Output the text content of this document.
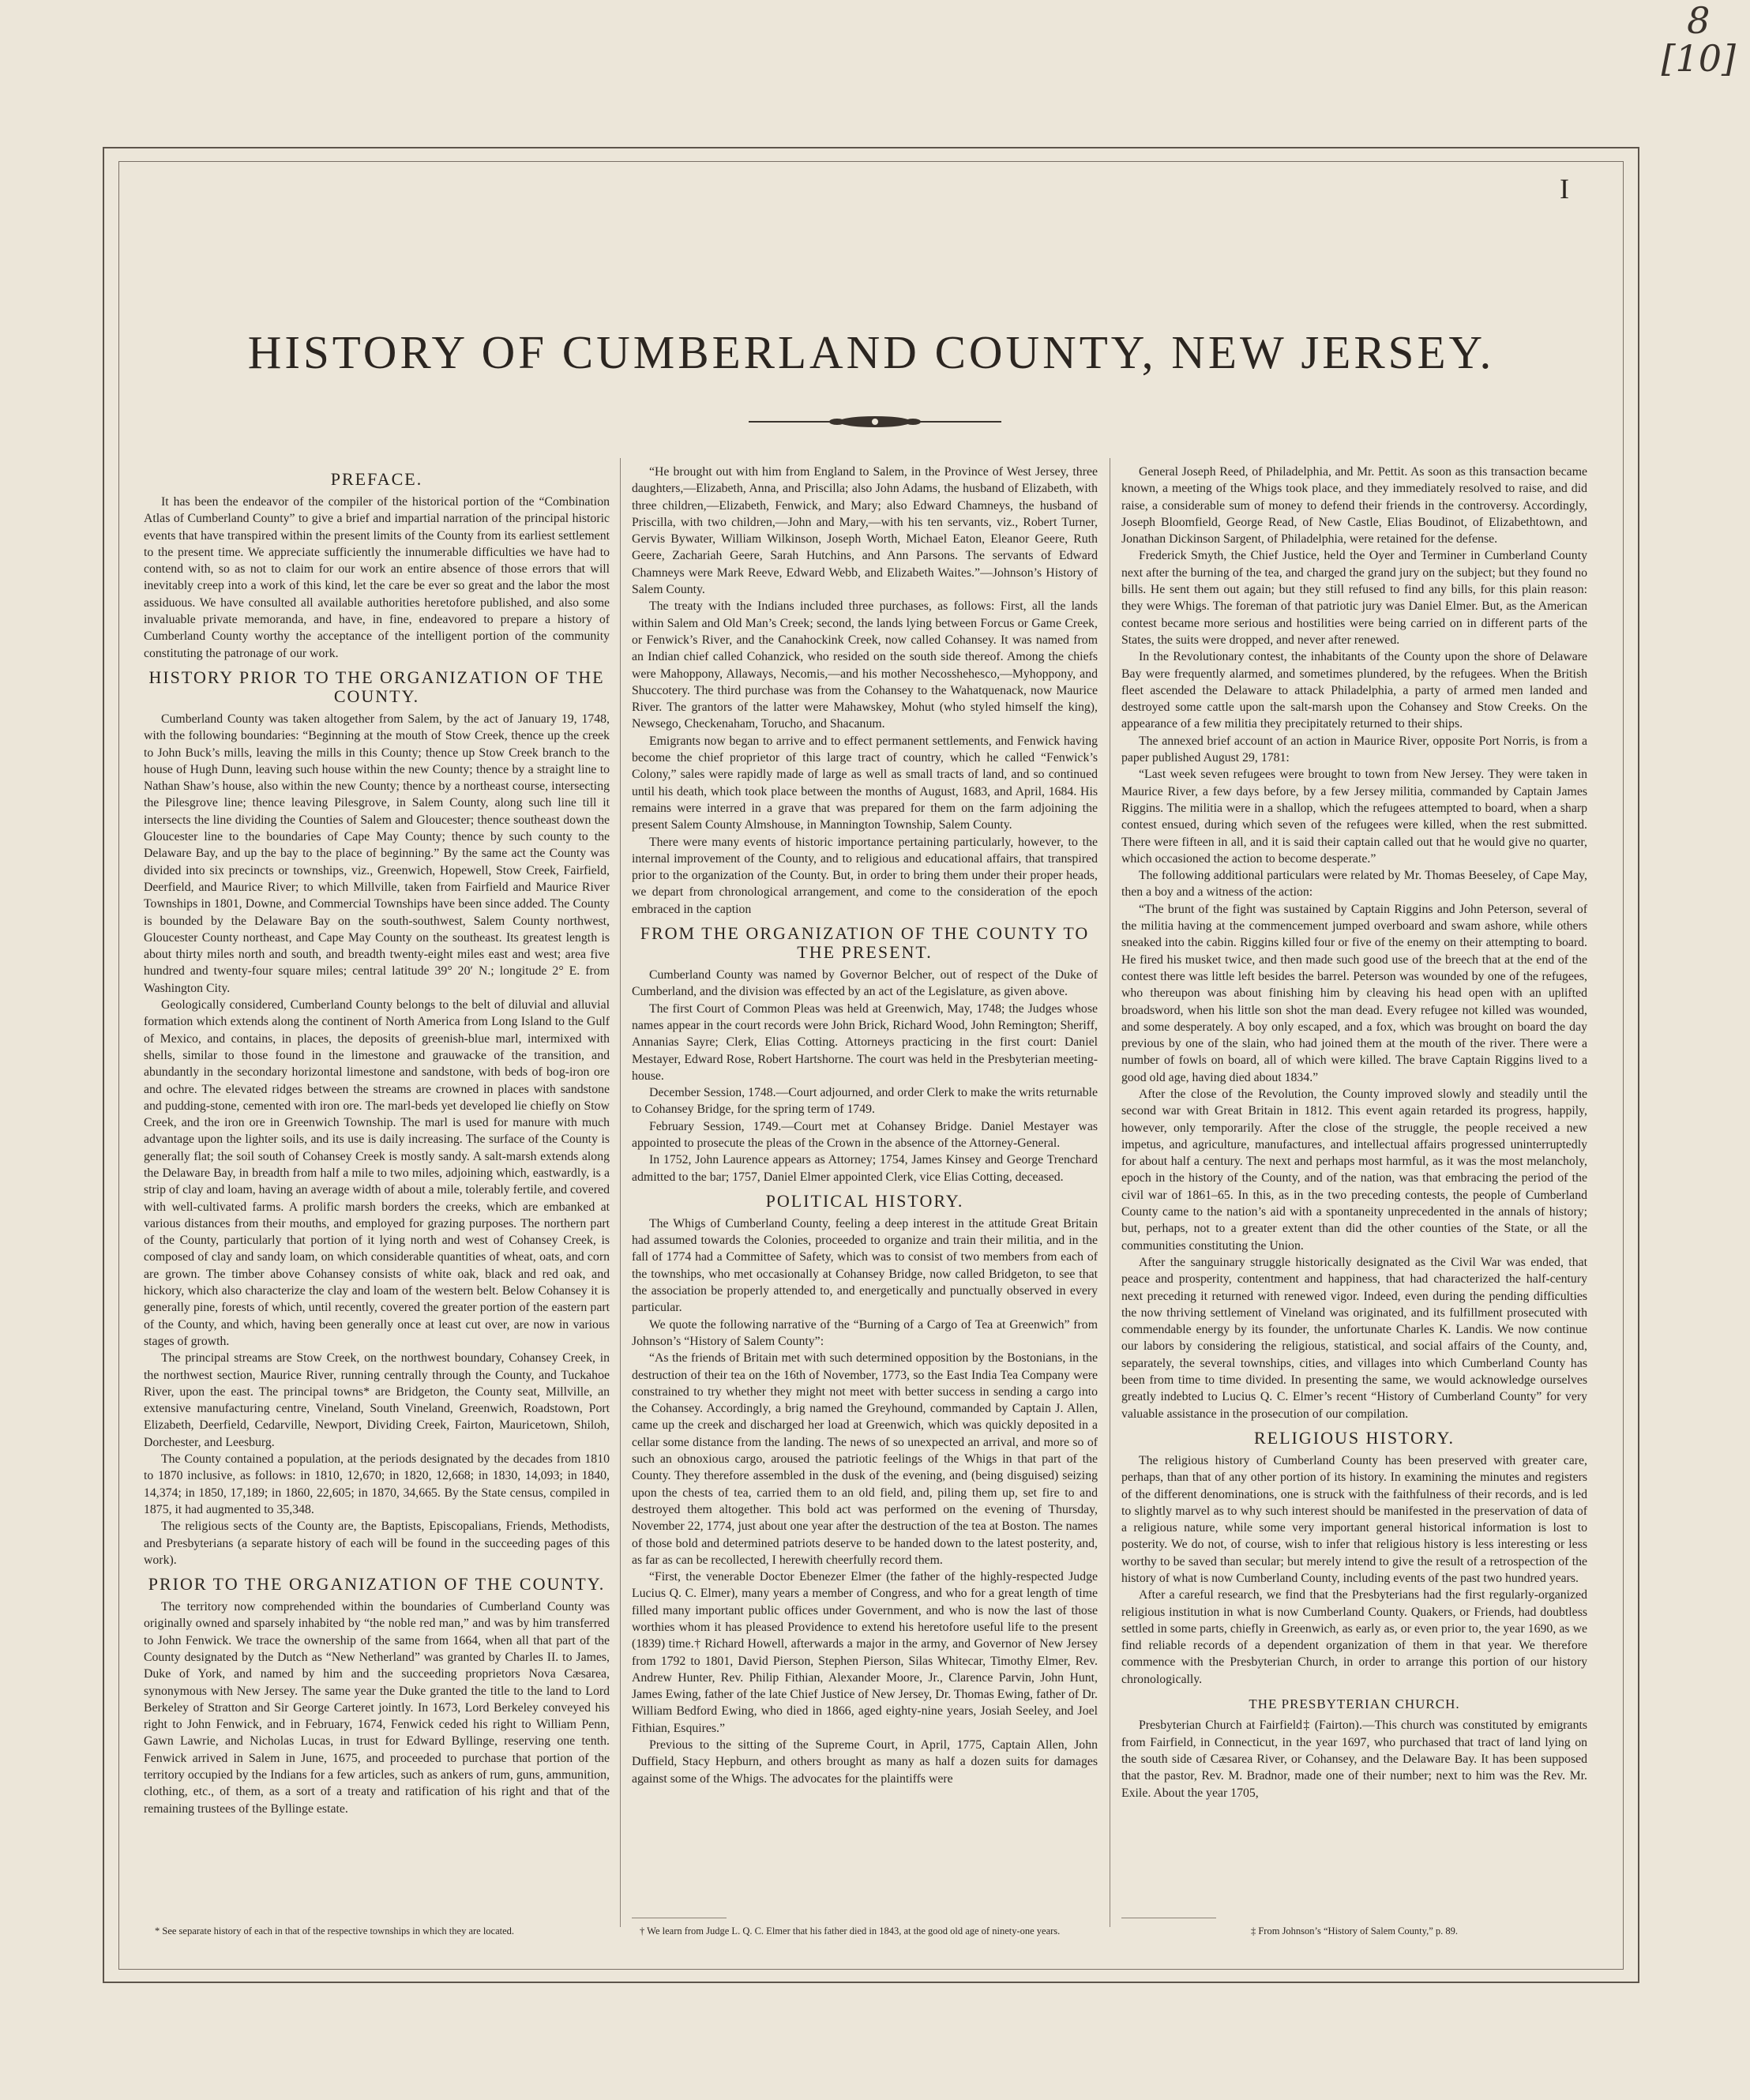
8
[10]
I
HISTORY OF CUMBERLAND COUNTY, NEW JERSEY.
PREFACE.

It has been the endeavor of the compiler of the historical portion of the “Combination Atlas of Cumberland County” to give a brief and impartial narration of the principal historic events that have transpired within the present limits of the County from its earliest settlement to the present time. We appreciate sufficiently the innumerable difficulties we have had to contend with, so as not to claim for our work an entire absence of those errors that will inevitably creep into a work of this kind, let the care be ever so great and the labor the most assiduous. We have consulted all available authorities heretofore published, and also some invaluable private memoranda, and have, in fine, endeavored to prepare a history of Cumberland County worthy the acceptance of the intelligent portion of the community constituting the patronage of our work.

HISTORY PRIOR TO THE ORGANIZATION OF THE COUNTY.

Cumberland County was taken altogether from Salem, by the act of January 19, 1748, with the following boundaries: “Beginning at the mouth of Stow Creek, thence up the creek to John Buck’s mills, leaving the mills in this County; thence up Stow Creek branch to the house of Hugh Dunn, leaving such house within the new County; thence by a straight line to Nathan Shaw’s house, also within the new County; thence by a northeast course, intersecting the Pilesgrove line; thence leaving Pilesgrove, in Salem County, along such line till it intersects the line dividing the Counties of Salem and Gloucester; thence southeast down the Gloucester line to the boundaries of Cape May County; thence by such county to the Delaware Bay, and up the bay to the place of beginning.” By the same act the County was divided into six precincts or townships, viz., Greenwich, Hopewell, Stow Creek, Fairfield, Deerfield, and Maurice River; to which Millville, taken from Fairfield and Maurice River Townships in 1801, Downe, and Commercial Townships have been since added. The County is bounded by the Delaware Bay on the south-southwest, Salem County northwest, Gloucester County northeast, and Cape May County on the southeast. Its greatest length is about thirty miles north and south, and breadth twenty-eight miles east and west; area five hundred and twenty-four square miles; central latitude 39° 20′ N.; longitude 2° E. from Washington City.

Geologically considered, Cumberland County belongs to the belt of diluvial and alluvial formation which extends along the continent of North America from Long Island to the Gulf of Mexico, and contains, in places, the deposits of greenish-blue marl, intermixed with shells, similar to those found in the limestone and grauwacke of the transition, and abundantly in the secondary horizontal limestone and sandstone, with beds of bog-iron ore and ochre. The elevated ridges between the streams are crowned in places with sandstone and pudding-stone, cemented with iron ore. The marl-beds yet developed lie chiefly on Stow Creek, and the iron ore in Greenwich Township. The marl is used for manure with much advantage upon the lighter soils, and its use is daily increasing. The surface of the County is generally flat; the soil south of Cohansey Creek is mostly sandy. A salt-marsh extends along the Delaware Bay, in breadth from half a mile to two miles, adjoining which, eastwardly, is a strip of clay and loam, having an average width of about a mile, tolerably fertile, and covered with well-cultivated farms. A prolific marsh borders the creeks, which are embanked at various distances from their mouths, and employed for grazing purposes. The northern part of the County, particularly that portion of it lying north and west of Cohansey Creek, is composed of clay and sandy loam, on which considerable quantities of wheat, oats, and corn are grown. The timber above Cohansey consists of white oak, black and red oak, and hickory, which also characterize the clay and loam of the western belt. Below Cohansey it is generally pine, forests of which, until recently, covered the greater portion of the eastern part of the County, and which, having been generally once at least cut over, are now in various stages of growth.

The principal streams are Stow Creek, on the northwest boundary, Cohansey Creek, in the northwest section, Maurice River, running centrally through the County, and Tuckahoe River, upon the east. The principal towns* are Bridgeton, the County seat, Millville, an extensive manufacturing centre, Vineland, South Vineland, Greenwich, Roadstown, Port Elizabeth, Deerfield, Cedarville, Newport, Dividing Creek, Fairton, Mauricetown, Shiloh, Dorchester, and Leesburg.

The County contained a population, at the periods designated by the decades from 1810 to 1870 inclusive, as follows: in 1810, 12,670; in 1820, 12,668; in 1830, 14,093; in 1840, 14,374; in 1850, 17,189; in 1860, 22,605; in 1870, 34,665. By the State census, compiled in 1875, it had augmented to 35,348.

The religious sects of the County are, the Baptists, Episcopalians, Friends, Methodists, and Presbyterians (a separate history of each will be found in the succeeding pages of this work).

PRIOR TO THE ORGANIZATION OF THE COUNTY.

The territory now comprehended within the boundaries of Cumberland County was originally owned and sparsely inhabited by “the noble red man,” and was by him transferred to John Fenwick. We trace the ownership of the same from 1664, when all that part of the County designated by the Dutch as “New Netherland” was granted by Charles II. to James, Duke of York, and named by him and the succeeding proprietors Nova Cæsarea, synonymous with New Jersey. The same year the Duke granted the title to the land to Lord Berkeley of Stratton and Sir George Carteret jointly. In 1673, Lord Berkeley conveyed his right to John Fenwick, and in February, 1674, Fenwick ceded his right to William Penn, Gawn Lawrie, and Nicholas Lucas, in trust for Edward Byllinge, reserving one tenth. Fenwick arrived in Salem in June, 1675, and proceeded to purchase that portion of the territory occupied by the Indians for a few articles, such as ankers of rum, guns, ammunition, clothing, etc., of them, as a sort of a treaty and ratification of his right and that of the remaining trustees of the Byllinge estate.

“He brought out with him from England to Salem, in the Province of West Jersey, three daughters,—Elizabeth, Anna, and Priscilla; also John Adams, the husband of Elizabeth, with three children,—Elizabeth, Fenwick, and Mary; also Edward Chamneys, the husband of Priscilla, with two children,—John and Mary,—with his ten servants, viz., Robert Turner, Gervis Bywater, William Wilkinson, Joseph Worth, Michael Eaton, Eleanor Geere, Ruth Geere, Zachariah Geere, Sarah Hutchins, and Ann Parsons. The servants of Edward Chamneys were Mark Reeve, Edward Webb, and Elizabeth Waites.”—Johnson’s History of Salem County.

The treaty with the Indians included three purchases, as follows: First, all the lands within Salem and Old Man’s Creek; second, the lands lying between Forcus or Game Creek, or Fenwick’s River, and the Canahockink Creek, now called Cohansey. It was named from an Indian chief called Cohanzick, who resided on the south side thereof. Among the chiefs were Mahoppony, Allaways, Necomis,—and his mother Necosshehesco,—Myhoppony, and Shuccotery. The third purchase was from the Cohansey to the Wahatquenack, now Maurice River. The grantors of the latter were Mahawskey, Mohut (who styled himself the king), Newsego, Checkenaham, Torucho, and Shacanum.

Emigrants now began to arrive and to effect permanent settlements, and Fenwick having become the chief proprietor of this large tract of country, which he called “Fenwick’s Colony,” sales were rapidly made of large as well as small tracts of land, and so continued until his death, which took place between the months of August, 1683, and April, 1684. His remains were interred in a grave that was prepared for them on the farm adjoining the present Salem County Almshouse, in Mannington Township, Salem County.

There were many events of historic importance pertaining particularly, however, to the internal improvement of the County, and to religious and educational affairs, that transpired prior to the organization of the County. But, in order to bring them under their proper heads, we depart from chronological arrangement, and come to the consideration of the epoch embraced in the caption

FROM THE ORGANIZATION OF THE COUNTY TO THE PRESENT.

Cumberland County was named by Governor Belcher, out of respect of the Duke of Cumberland, and the division was effected by an act of the Legislature, as given above.

The first Court of Common Pleas was held at Greenwich, May, 1748; the Judges whose names appear in the court records were John Brick, Richard Wood, John Remington; Sheriff, Annanias Sayre; Clerk, Elias Cotting. Attorneys practicing in the first court: Daniel Mestayer, Edward Rose, Robert Hartshorne. The court was held in the Presbyterian meeting-house.

December Session, 1748.—Court adjourned, and order Clerk to make the writs returnable to Cohansey Bridge, for the spring term of 1749.

February Session, 1749.—Court met at Cohansey Bridge. Daniel Mestayer was appointed to prosecute the pleas of the Crown in the absence of the Attorney-General.

In 1752, John Laurence appears as Attorney; 1754, James Kinsey and George Trenchard admitted to the bar; 1757, Daniel Elmer appointed Clerk, vice Elias Cotting, deceased.

POLITICAL HISTORY.

The Whigs of Cumberland County, feeling a deep interest in the attitude Great Britain had assumed towards the Colonies, proceeded to organize and train their militia, and in the fall of 1774 had a Committee of Safety, which was to consist of two members from each of the townships, who met occasionally at Cohansey Bridge, now called Bridgeton, to see that the association be properly attended to, and energetically and punctually observed in every particular.

We quote the following narrative of the “Burning of a Cargo of Tea at Greenwich” from Johnson’s “History of Salem County”:

“As the friends of Britain met with such determined opposition by the Bostonians, in the destruction of their tea on the 16th of November, 1773, so the East India Tea Company were constrained to try whether they might not meet with better success in sending a cargo into the Cohansey. Accordingly, a brig named the Greyhound, commanded by Captain J. Allen, came up the creek and discharged her load at Greenwich, which was quickly deposited in a cellar some distance from the landing. The news of so unexpected an arrival, and more so of such an obnoxious cargo, aroused the patriotic feelings of the Whigs in that part of the County. They therefore assembled in the dusk of the evening, and (being disguised) seizing upon the chests of tea, carried them to an old field, and, piling them up, set fire to and destroyed them altogether. This bold act was performed on the evening of Thursday, November 22, 1774, just about one year after the destruction of the tea at Boston. The names of those bold and determined patriots deserve to be handed down to the latest posterity, and, as far as can be recollected, I herewith cheerfully record them.

“First, the venerable Doctor Ebenezer Elmer (the father of the highly-respected Judge Lucius Q. C. Elmer), many years a member of Congress, and who for a great length of time filled many important public offices under Government, and who is now the last of those worthies whom it has pleased Providence to extend his heretofore useful life to the present (1839) time.† Richard Howell, afterwards a major in the army, and Governor of New Jersey from 1792 to 1801, David Pierson, Stephen Pierson, Silas Whitecar, Timothy Elmer, Rev. Andrew Hunter, Rev. Philip Fithian, Alexander Moore, Jr., Clarence Parvin, John Hunt, James Ewing, father of the late Chief Justice of New Jersey, Dr. Thomas Ewing, father of Dr. William Bedford Ewing, who died in 1866, aged eighty-nine years, Josiah Seeley, and Joel Fithian, Esquires.”

Previous to the sitting of the Supreme Court, in April, 1775, Captain Allen, John Duffield, Stacy Hepburn, and others brought as many as half a dozen suits for damages against some of the Whigs. The advocates for the plaintiffs were

General Joseph Reed, of Philadelphia, and Mr. Pettit. As soon as this transaction became known, a meeting of the Whigs took place, and they immediately resolved to raise, and did raise, a considerable sum of money to defend their friends in the controversy. Accordingly, Joseph Bloomfield, George Read, of New Castle, Elias Boudinot, of Elizabethtown, and Jonathan Dickinson Sargent, of Philadelphia, were retained for the defense.

Frederick Smyth, the Chief Justice, held the Oyer and Terminer in Cumberland County next after the burning of the tea, and charged the grand jury on the subject; but they found no bills. He sent them out again; but they still refused to find any bills, for this plain reason: they were Whigs. The foreman of that patriotic jury was Daniel Elmer. But, as the American contest became more serious and hostilities were being carried on in different parts of the States, the suits were dropped, and never after renewed.

In the Revolutionary contest, the inhabitants of the County upon the shore of Delaware Bay were frequently alarmed, and sometimes plundered, by the refugees. When the British fleet ascended the Delaware to attack Philadelphia, a party of armed men landed and destroyed some cattle upon the salt-marsh upon the Cohansey and Stow Creeks. On the appearance of a few militia they precipitately returned to their ships.

The annexed brief account of an action in Maurice River, opposite Port Norris, is from a paper published August 29, 1781:

“Last week seven refugees were brought to town from New Jersey. They were taken in Maurice River, a few days before, by a few Jersey militia, commanded by Captain James Riggins. The militia were in a shallop, which the refugees attempted to board, when a sharp contest ensued, during which seven of the refugees were killed, when the rest submitted. There were fifteen in all, and it is said their captain called out that he would give no quarter, which occasioned the action to become desperate.”

The following additional particulars were related by Mr. Thomas Beeseley, of Cape May, then a boy and a witness of the action:

“The brunt of the fight was sustained by Captain Riggins and John Peterson, several of the militia having at the commencement jumped overboard and swam ashore, while others sneaked into the cabin. Riggins killed four or five of the enemy on their attempting to board. He fired his musket twice, and then made such good use of the breech that at the end of the contest there was little left besides the barrel. Peterson was wounded by one of the refugees, who thereupon was about finishing him by cleaving his head open with an uplifted broadsword, when his little son shot the man dead. Every refugee not killed was wounded, and some desperately. A boy only escaped, and a fox, which was brought on board the day previous by one of the slain, who had joined them at the mouth of the river. There were a number of fowls on board, all of which were killed. The brave Captain Riggins lived to a good old age, having died about 1834.”

After the close of the Revolution, the County improved slowly and steadily until the second war with Great Britain in 1812. This event again retarded its progress, happily, however, only temporarily. After the close of the struggle, the people received a new impetus, and agriculture, manufactures, and intellectual affairs progressed uninterruptedly for about half a century. The next and perhaps most harmful, as it was the most melancholy, epoch in the history of the County, and of the nation, was that embracing the period of the civil war of 1861–65. In this, as in the two preceding contests, the people of Cumberland County came to the nation’s aid with a spontaneity unprecedented in the annals of history; but, perhaps, not to a greater extent than did the other counties of the State, or all the communities constituting the Union.

After the sanguinary struggle historically designated as the Civil War was ended, that peace and prosperity, contentment and happiness, that had characterized the half-century next preceding it returned with renewed vigor. Indeed, even during the pending difficulties the now thriving settlement of Vineland was originated, and its fulfillment prosecuted with commendable energy by its founder, the unfortunate Charles K. Landis. We now continue our labors by considering the religious, statistical, and social affairs of the County, and, separately, the several townships, cities, and villages into which Cumberland County has been from time to time divided. In presenting the same, we would acknowledge ourselves greatly indebted to Lucius Q. C. Elmer’s recent “History of Cumberland County” for very valuable assistance in the prosecution of our compilation.

RELIGIOUS HISTORY.

The religious history of Cumberland County has been preserved with greater care, perhaps, than that of any other portion of its history. In examining the minutes and registers of the different denominations, one is struck with the faithfulness of their records, and is led to slightly marvel as to why such interest should be manifested in the preservation of data of a religious nature, while some very important general historical information is lost to posterity. We do not, of course, wish to infer that religious history is less interesting or less worthy to be saved than secular; but merely intend to give the result of a retrospection of the history of what is now Cumberland County, including events of the past two hundred years.

After a careful research, we find that the Presbyterians had the first regularly-organized religious institution in what is now Cumberland County. Quakers, or Friends, had doubtless settled in some parts, chiefly in Greenwich, as early as, or even prior to, the year 1690, as we find reliable records of a dependent organization of them in that year. We therefore commence with the Presbyterian Church, in order to arrange this portion of our history chronologically.

THE PRESBYTERIAN CHURCH.

Presbyterian Church at Fairfield‡ (Fairton).—This church was constituted by emigrants from Fairfield, in Connecticut, in the year 1697, who purchased that tract of land lying on the south side of Cæsarea River, or Cohansey, and the Delaware Bay. It has been supposed that the pastor, Rev. M. Bradnor, made one of their number; next to him was the Rev. Mr. Exile. About the year 1705,

* See separate history of each in that of the respective townships in which they are located.	† We learn from Judge L. Q. C. Elmer that his father died in 1843, at the good old age of ninety-one years.	‡ From Johnson’s “History of Salem County,” p. 89.
